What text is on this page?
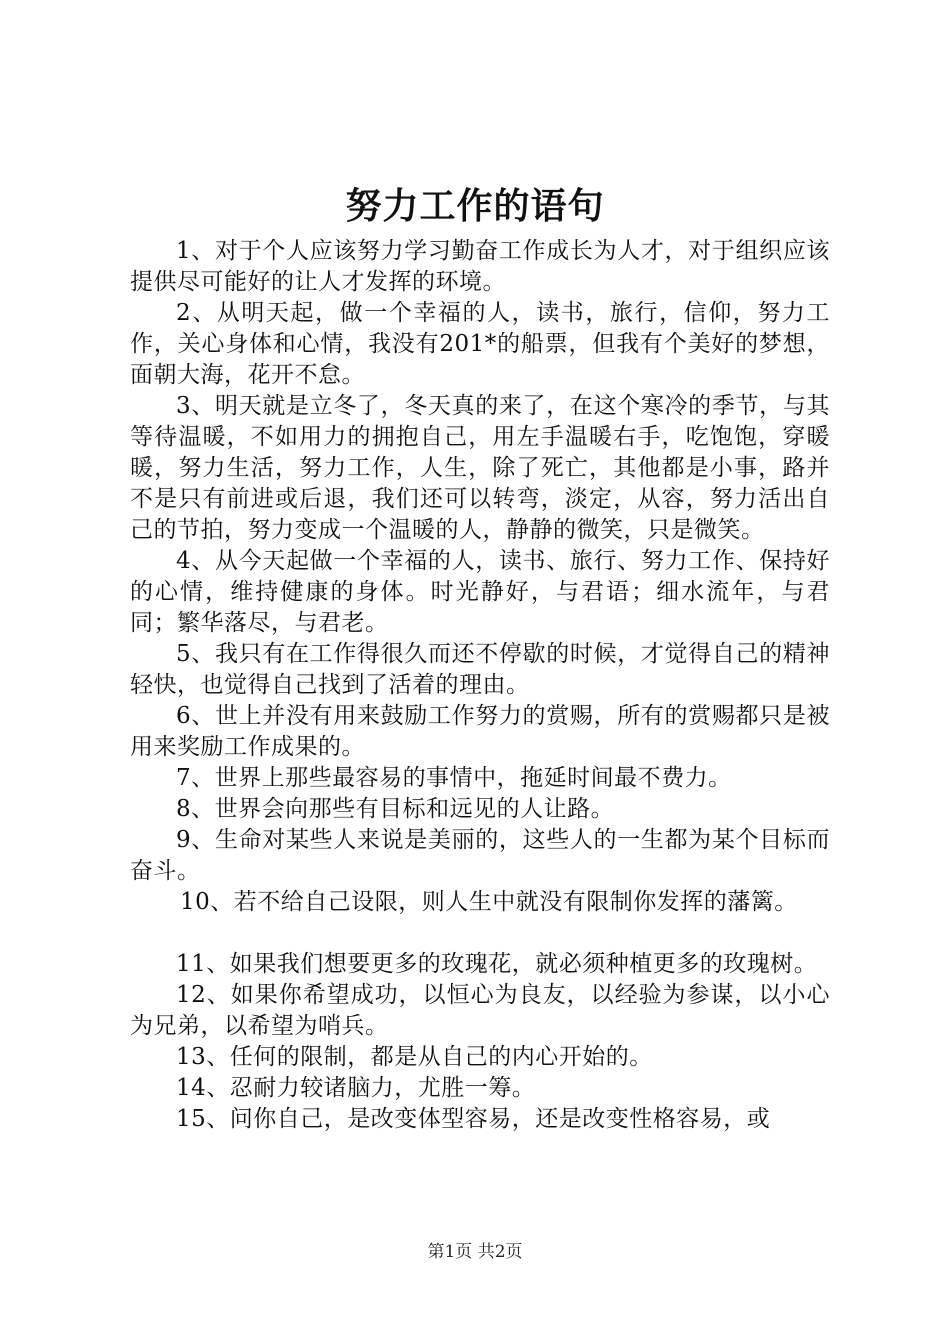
努力工作的语句

1、对于个人应该努力学习勤奋工作成长为人才，对于组织应该提供尽可能好的让人才发挥的环境。

2、从明天起，做一个幸福的人，读书，旅行，信仰，努力工作，关心身体和心情，我没有201*的船票，但我有个美好的梦想，面朝大海，花开不怠。

3、明天就是立冬了，冬天真的来了，在这个寒冷的季节，与其等待温暖，不如用力的拥抱自己，用左手温暖右手，吃饱饱，穿暖暖，努力生活，努力工作，人生，除了死亡，其他都是小事，路并不是只有前进或后退，我们还可以转弯，淡定，从容，努力活出自己的节拍，努力变成一个温暖的人，静静的微笑，只是微笑。

4、从今天起做一个幸福的人，读书、旅行、努力工作、保持好的心情，维持健康的身体。时光静好，与君语；细水流年，与君同；繁华落尽，与君老。

5、我只有在工作得很久而还不停歇的时候，才觉得自己的精神轻快，也觉得自己找到了活着的理由。

6、世上并没有用来鼓励工作努力的赏赐，所有的赏赐都只是被用来奖励工作成果的。

7、世界上那些最容易的事情中，拖延时间最不费力。

8、世界会向那些有目标和远见的人让路。

9、生命对某些人来说是美丽的，这些人的一生都为某个目标而奋斗。

10、若不给自己设限，则人生中就没有限制你发挥的藩篱。

11、如果我们想要更多的玫瑰花，就必须种植更多的玫瑰树。

12、如果你希望成功，以恒心为良友，以经验为参谋，以小心为兄弟，以希望为哨兵。

13、任何的限制，都是从自己的内心开始的。

14、忍耐力较诸脑力，尤胜一筹。

15、问你自己，是改变体型容易，还是改变性格容易，或

第1页 共2页
